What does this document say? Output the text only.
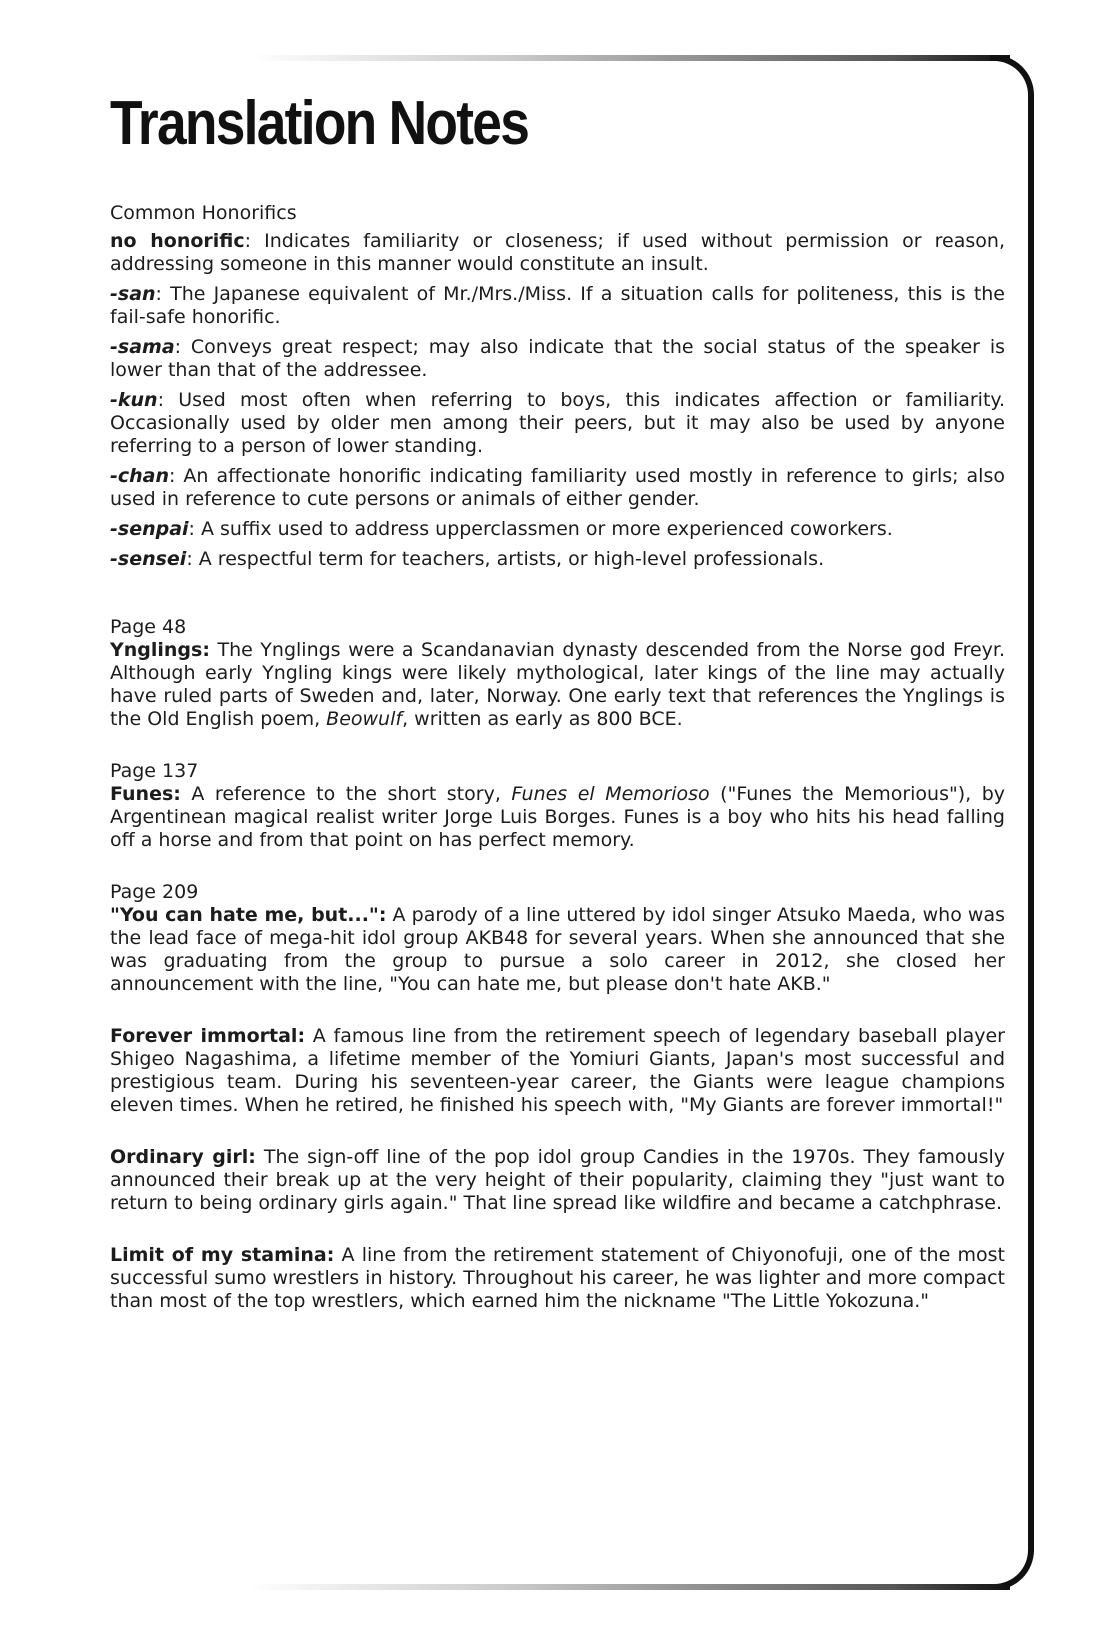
Translation Notes
Common Honorifics

no honorific: Indicates familiarity or closeness; if used without permission or reason, addressing someone in this manner would constitute an insult.

-san: The Japanese equivalent of Mr./Mrs./Miss. If a situation calls for politeness, this is the fail-safe honorific.

-sama: Conveys great respect; may also indicate that the social status of the speaker is lower than that of the addressee.

-kun: Used most often when referring to boys, this indicates affection or familiarity. Occasionally used by older men among their peers, but it may also be used by anyone referring to a person of lower standing.

-chan: An affectionate honorific indicating familiarity used mostly in reference to girls; also used in reference to cute persons or animals of either gender.

-senpai: A suffix used to address upperclassmen or more experienced coworkers.

-sensei: A respectful term for teachers, artists, or high-level professionals.

Page 48

Ynglings: The Ynglings were a Scandanavian dynasty descended from the Norse god Freyr. Although early Yngling kings were likely mythological, later kings of the line may actually have ruled parts of Sweden and, later, Norway. One early text that references the Ynglings is the Old English poem, Beowulf, written as early as 800 BCE.

Page 137

Funes: A reference to the short story, Funes el Memorioso ("Funes the Memorious"), by Argentinean magical realist writer Jorge Luis Borges. Funes is a boy who hits his head falling off a horse and from that point on has perfect memory.

Page 209

"You can hate me, but...": A parody of a line uttered by idol singer Atsuko Maeda, who was the lead face of mega-hit idol group AKB48 for several years. When she announced that she was graduating from the group to pursue a solo career in 2012, she closed her announcement with the line, "You can hate me, but please don't hate AKB."

Forever immortal: A famous line from the retirement speech of legendary baseball player Shigeo Nagashima, a lifetime member of the Yomiuri Giants, Japan's most successful and prestigious team. During his seventeen-year career, the Giants were league champions eleven times. When he retired, he finished his speech with, "My Giants are forever immortal!"

Ordinary girl: The sign-off line of the pop idol group Candies in the 1970s. They famously announced their break up at the very height of their popularity, claiming they "just want to return to being ordinary girls again." That line spread like wildfire and became a catchphrase.

Limit of my stamina: A line from the retirement statement of Chiyonofuji, one of the most successful sumo wrestlers in history. Throughout his career, he was lighter and more compact than most of the top wrestlers, which earned him the nickname "The Little Yokozuna."
